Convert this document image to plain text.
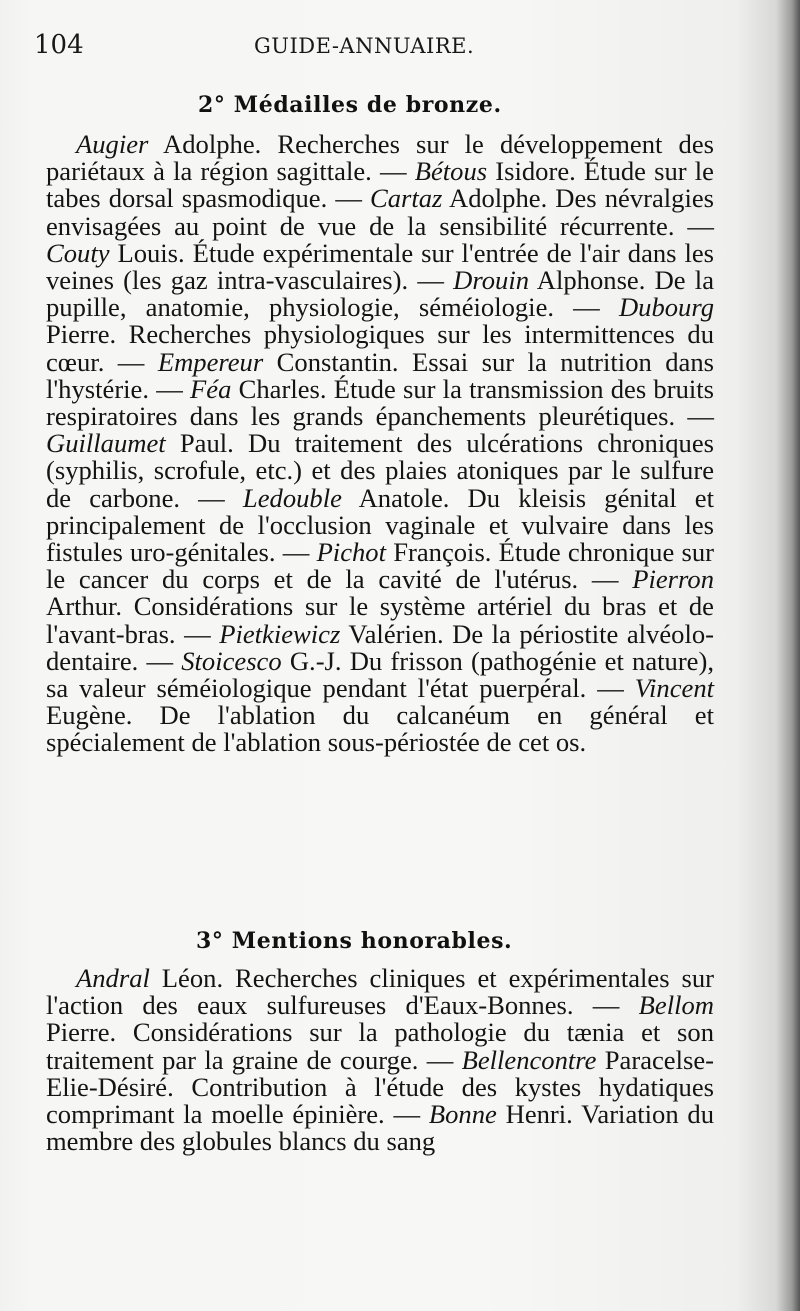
104	GUIDE-ANNUAIRE.
2° Médailles de bronze.

Augier Adolphe. Recherches sur le développement des pariétaux à la région sagittale. — Bétous Isidore. Étude sur le tabes dorsal spasmodique. — Cartaz Adolphe. Des névralgies envisagées au point de vue de la sensibilité récurrente. — Couty Louis. Étude expérimentale sur l'entrée de l'air dans les veines (les gaz intra-vasculaires). — Drouin Alphonse. De la pupille, anatomie, physiologie, séméiologie. — Dubourg Pierre. Recherches physiologiques sur les intermittences du cœur. — Empereur Constantin. Essai sur la nutrition dans l'hystérie. — Féa Charles. Étude sur la transmission des bruits respiratoires dans les grands épanchements pleurétiques. — Guillaumet Paul. Du traitement des ulcérations chroniques (syphilis, scrofule, etc.) et des plaies atoniques par le sulfure de carbone. — Ledouble Anatole. Du kleisis génital et principalement de l'occlusion vaginale et vulvaire dans les fistules uro-génitales. — Pichot François. Étude chronique sur le cancer du corps et de la cavité de l'utérus. — Pierron Arthur. Considérations sur le système artériel du bras et de l'avant-bras. — Pietkiewicz Valérien. De la périostite alvéolo-dentaire. — Stoicesco G.-J. Du frisson (pathogénie et nature), sa valeur séméiologique pendant l'état puerpéral. — Vincent Eugène. De l'ablation du calcanéum en général et spécialement de l'ablation sous-périostée de cet os.

3° Mentions honorables.

Andral Léon. Recherches cliniques et expérimentales sur l'action des eaux sulfureuses d'Eaux-Bonnes. — Bellom Pierre. Considérations sur la pathologie du tænia et son traitement par la graine de courge. — Bellencontre Paracelse-Elie-Désiré. Contribution à l'étude des kystes hydatiques comprimant la moelle épinière. — Bonne Henri. Variation du membre des globules blancs du sang
